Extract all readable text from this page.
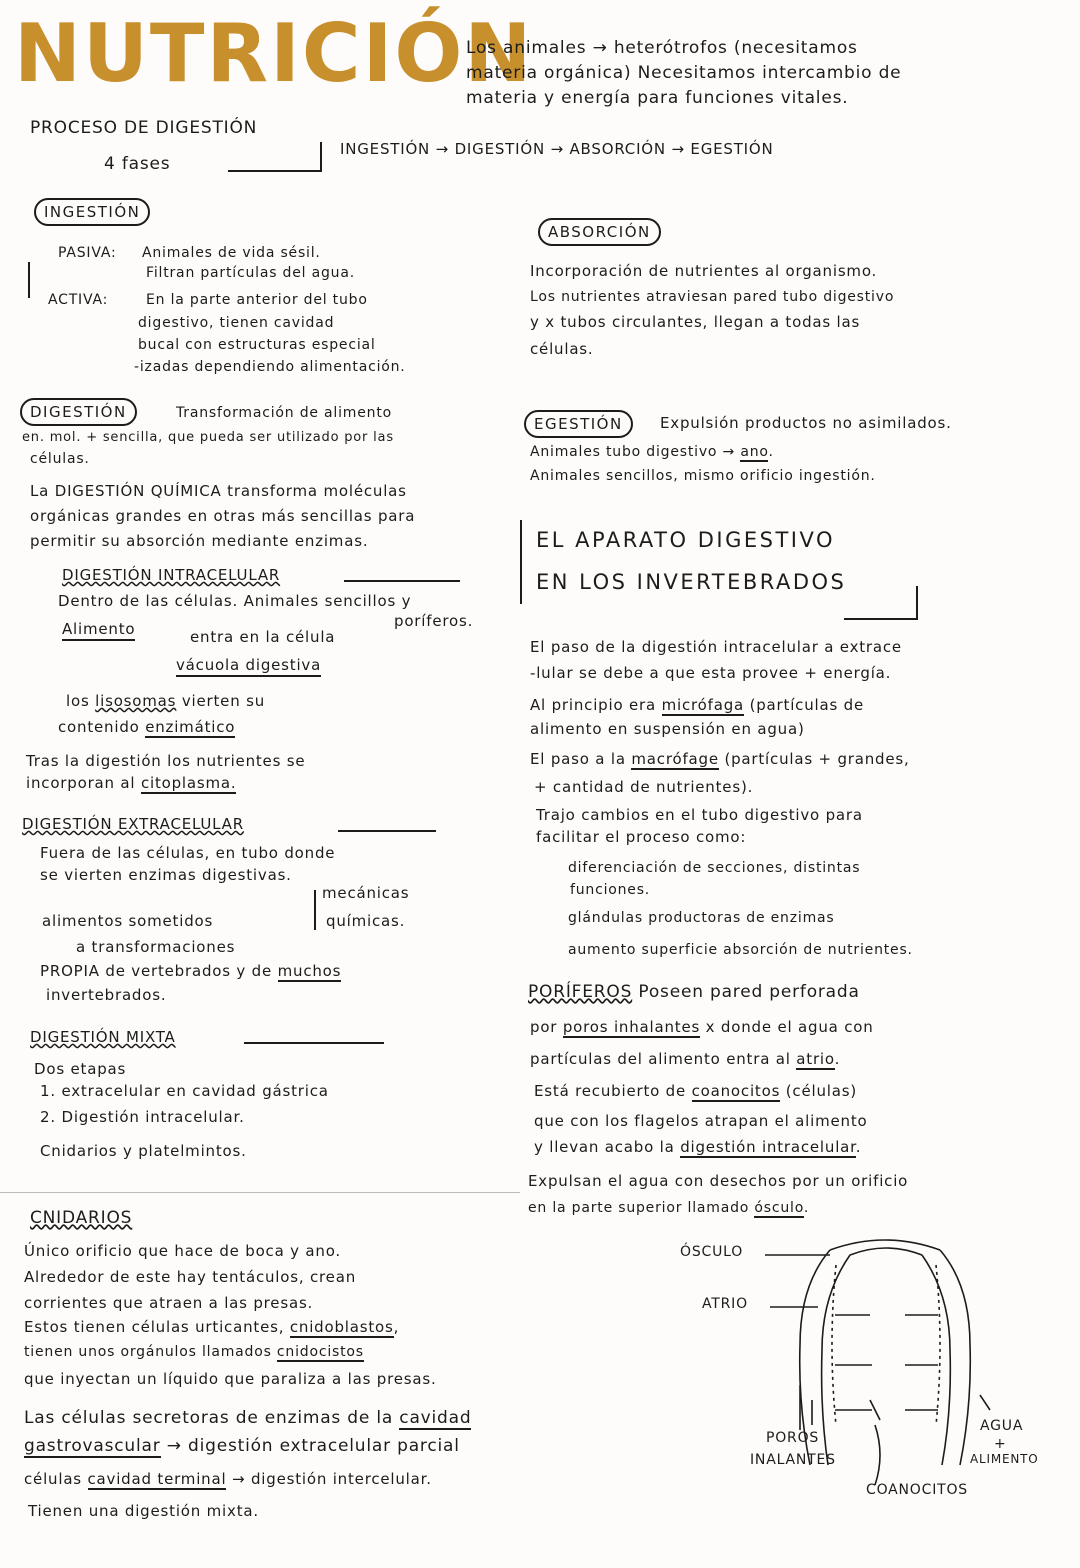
NUTRICIÓN
Los animales → heterótrofos (necesitamos
materia orgánica) Necesitamos intercambio de
materia y energía para funciones vitales.
PROCESO DE DIGESTIÓN
4 fases
INGESTIÓN → DIGESTIÓN → ABSORCIÓN → EGESTIÓN
INGESTIÓN
PASIVA: Animales de vida sésil.
Filtran partículas del agua.
ACTIVA:	En la parte anterior del tubo
digestivo, tienen cavidad
bucal con estructuras especial
-izadas dependiendo alimentación.
DIGESTIÓN	Transformación de alimento
en. mol. + sencilla, que pueda ser utilizado por las
células.
La DIGESTIÓN QUÍMICA transforma moléculas
orgánicas grandes en otras más sencillas para
permitir su absorción mediante enzimas.
DIGESTIÓN INTRACELULAR
Dentro de las células. Animales sencillos y
poríferos.
Alimento	entra en la célula
vácuola digestiva
los lisosomas vierten su
contenido enzimático
Tras la digestión los nutrientes se
incorporan al citoplasma.
DIGESTIÓN EXTRACELULAR
Fuera de las células, en tubo donde
se vierten enzimas digestivas.
mecánicas
químicas.
alimentos sometidos
a transformaciones
PROPIA de vertebrados y de muchos
invertebrados.
DIGESTIÓN MIXTA
Dos etapas
1. extracelular en cavidad gástrica
2. Digestión intracelular.
Cnidarios y platelmintos.
ABSORCIÓN
Incorporación de nutrientes al organismo.
Los nutrientes atraviesan pared tubo digestivo
y x tubos circulantes, llegan a todas las
células.
EGESTIÓN	Expulsión productos no asimilados.
Animales tubo digestivo → ano.
Animales sencillos, mismo orificio ingestión.
EL APARATO DIGESTIVO
EN LOS INVERTEBRADOS
El paso de la digestión intracelular a extrace
-lular se debe a que esta provee + energía.
Al principio era micrófaga (partículas de
alimento en suspensión en agua)
El paso a la macrófage (partículas + grandes,
+ cantidad de nutrientes).
Trajo cambios en el tubo digestivo para
facilitar el proceso como:
diferenciación de secciones, distintas
funciones.
glándulas productoras de enzimas
aumento superficie absorción de nutrientes.
PORÍFEROS Poseen pared perforada
por poros inhalantes x donde el agua con
partículas del alimento entra al atrio.
Está recubierto de coanocitos (células)
que con los flagelos atrapan el alimento
y llevan acabo la digestión intracelular.
Expulsan el agua con desechos por un orificio
en la parte superior llamado ósculo.
ÓSCULO
ATRIO
POROS
INALANTES
AGUA
+
ALIMENTO
COANOCITOS
CNIDARIOS
Único orificio que hace de boca y ano.
Alrededor de este hay tentáculos, crean
corrientes que atraen a las presas.
Estos tienen células urticantes, cnidoblastos,
tienen unos orgánulos llamados cnidocistos
que inyectan un líquido que paraliza a las presas.
Las células secretoras de enzimas de la cavidad
gastrovascular → digestión extracelular parcial
células cavidad terminal → digestión intercelular.
Tienen una digestión mixta.
